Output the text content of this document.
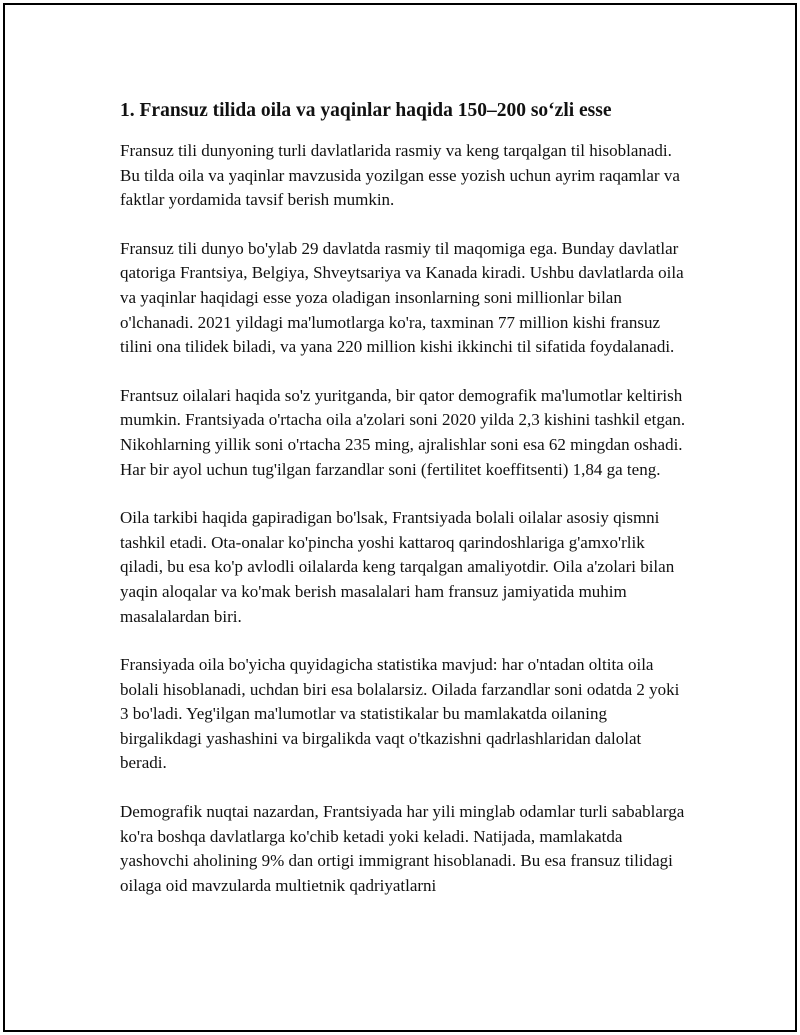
1. Fransuz tilida oila va yaqinlar haqida 150–200 so‘zli esse

Fransuz tili dunyoning turli davlatlarida rasmiy va keng tarqalgan til hisoblanadi. Bu tilda oila va yaqinlar mavzusida yozilgan esse yozish uchun ayrim raqamlar va faktlar yordamida tavsif berish mumkin.

Fransuz tili dunyo bo'ylab 29 davlatda rasmiy til maqomiga ega. Bunday davlatlar qatoriga Frantsiya, Belgiya, Shveytsariya va Kanada kiradi. Ushbu davlatlarda oila va yaqinlar haqidagi esse yoza oladigan insonlarning soni millionlar bilan o'lchanadi. 2021 yildagi ma'lumotlarga ko'ra, taxminan 77 million kishi fransuz tilini ona tilidek biladi, va yana 220 million kishi ikkinchi til sifatida foydalanadi.

Frantsuz oilalari haqida so'z yuritganda, bir qator demografik ma'lumotlar keltirish mumkin. Frantsiyada o'rtacha oila a'zolari soni 2020 yilda 2,3 kishini tashkil etgan. Nikohlarning yillik soni o'rtacha 235 ming, ajralishlar soni esa 62 mingdan oshadi. Har bir ayol uchun tug'ilgan farzandlar soni (fertilitet koeffitsenti) 1,84 ga teng.

Oila tarkibi haqida gapiradigan bo'lsak, Frantsiyada bolali oilalar asosiy qismni tashkil etadi. Ota-onalar ko'pincha yoshi kattaroq qarindoshlariga g'amxo'rlik qiladi, bu esa ko'p avlodli oilalarda keng tarqalgan amaliyotdir. Oila a'zolari bilan yaqin aloqalar va ko'mak berish masalalari ham fransuz jamiyatida muhim masalalardan biri.

Fransiyada oila bo'yicha quyidagicha statistika mavjud: har o'ntadan oltita oila bolali hisoblanadi, uchdan biri esa bolalarsiz. Oilada farzandlar soni odatda 2 yoki 3 bo'ladi. Yeg'ilgan ma'lumotlar va statistikalar bu mamlakatda oilaning birgalikdagi yashashini va birgalikda vaqt o'tkazishni qadrlashlaridan dalolat beradi.

Demografik nuqtai nazardan, Frantsiyada har yili minglab odamlar turli sabablarga ko'ra boshqa davlatlarga ko'chib ketadi yoki keladi. Natijada, mamlakatda yashovchi aholining 9% dan ortigi immigrant hisoblanadi. Bu esa fransuz tilidagi oilaga oid mavzularda multietnik qadriyatlarni
